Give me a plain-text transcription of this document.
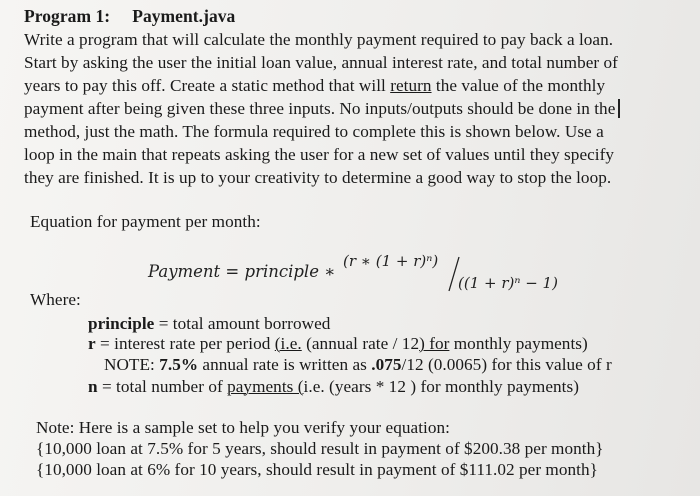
Program 1: Payment.java
Write a program that will calculate the monthly payment required to pay back a loan.
Start by asking the user the initial loan value, annual interest rate, and total number of
years to pay this off. Create a static method that will return the value of the monthly
payment after being given these three inputs. No inputs/outputs should be done in the
method, just the math. The formula required to complete this is shown below. Use a
loop in the main that repeats asking the user for a new set of values until they specify
they are finished. It is up to your creativity to determine a good way to stop the loop.
Equation for payment per month:
Payment = principle ∗
(r ∗ (1 + r)ⁿ)
((1 + r)ⁿ − 1)
Where:
principle = total amount borrowed
r = interest rate per period (i.e. (annual rate / 12) for monthly payments)
NOTE: 7.5% annual rate is written as .075/12 (0.0065) for this value of r
n = total number of payments (i.e. (years * 12 ) for monthly payments)
Note: Here is a sample set to help you verify your equation:
{10,000 loan at 7.5% for 5 years, should result in payment of $200.38 per month}
{10,000 loan at 6% for 10 years, should result in payment of $111.02 per month}
